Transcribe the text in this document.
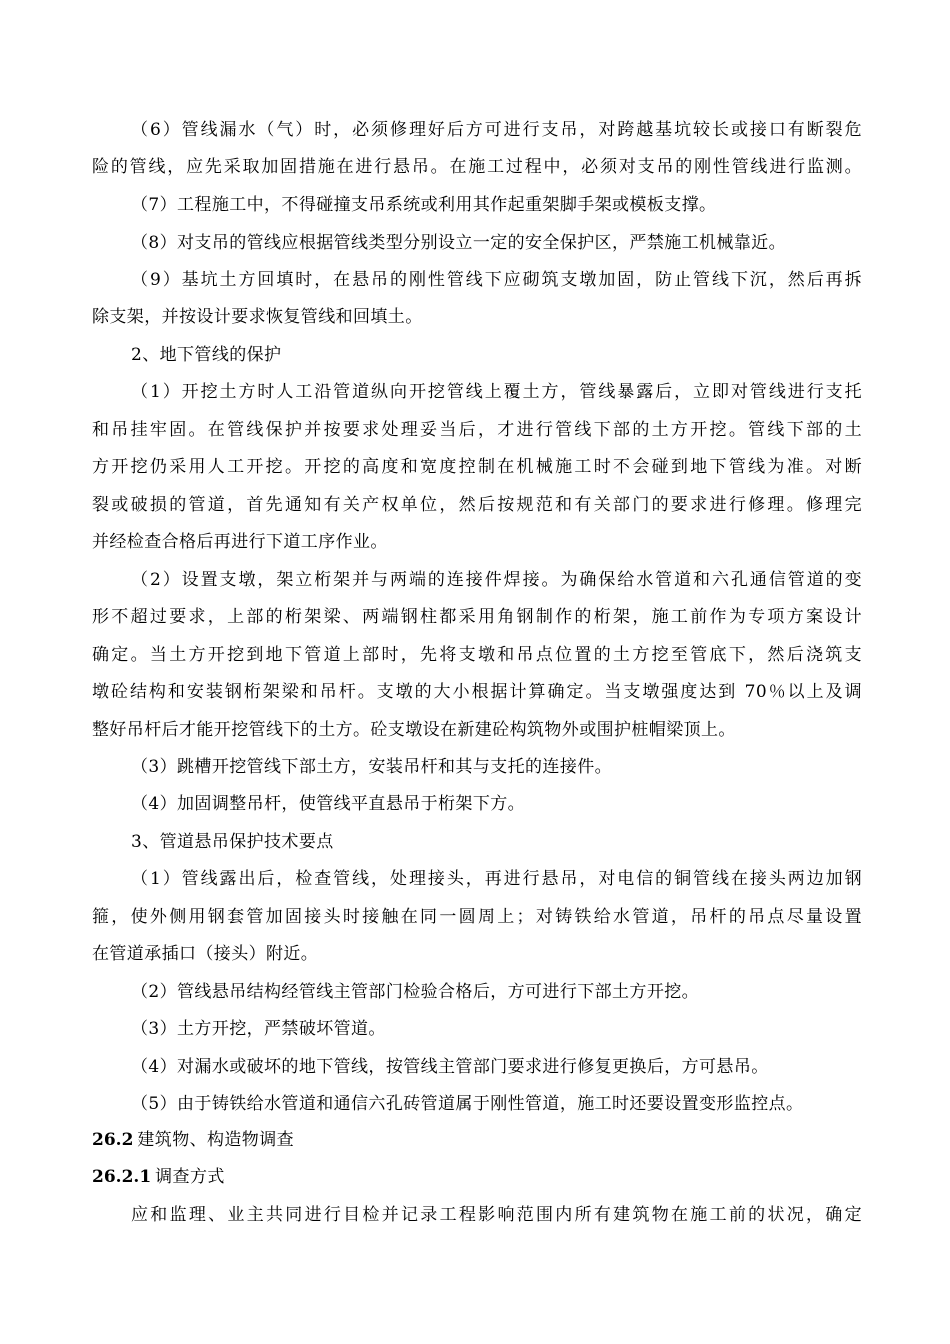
（6）管线漏水（气）时，必须修理好后方可进行支吊，对跨越基坑较长或接口有断裂危
险的管线，应先采取加固措施在进行悬吊。在施工过程中，必须对支吊的刚性管线进行监测。
（7）工程施工中，不得碰撞支吊系统或利用其作起重架脚手架或模板支撑。
（8）对支吊的管线应根据管线类型分别设立一定的安全保护区，严禁施工机械靠近。
（9）基坑土方回填时，在悬吊的刚性管线下应砌筑支墩加固，防止管线下沉，然后再拆
除支架，并按设计要求恢复管线和回填土。
2、地下管线的保护
（1）开挖土方时人工沿管道纵向开挖管线上覆土方，管线暴露后，立即对管线进行支托
和吊挂牢固。在管线保护并按要求处理妥当后，才进行管线下部的土方开挖。管线下部的土
方开挖仍采用人工开挖。开挖的高度和宽度控制在机械施工时不会碰到地下管线为准。对断
裂或破损的管道，首先通知有关产权单位，然后按规范和有关部门的要求进行修理。修理完
并经检查合格后再进行下道工序作业。
（2）设置支墩，架立桁架并与两端的连接件焊接。为确保给水管道和六孔通信管道的变
形不超过要求，上部的桁架梁、两端钢柱都采用角钢制作的桁架，施工前作为专项方案设计
确定。当土方开挖到地下管道上部时，先将支墩和吊点位置的土方挖至管底下，然后浇筑支
墩砼结构和安装钢桁架梁和吊杆。支墩的大小根据计算确定。当支墩强度达到 70％以上及调
整好吊杆后才能开挖管线下的土方。砼支墩设在新建砼构筑物外或围护桩帽梁顶上。
（3）跳槽开挖管线下部土方，安装吊杆和其与支托的连接件。
（4）加固调整吊杆，使管线平直悬吊于桁架下方。
3、管道悬吊保护技术要点
（1）管线露出后，检查管线，处理接头，再进行悬吊，对电信的铜管线在接头两边加钢
箍，使外侧用钢套管加固接头时接触在同一圆周上；对铸铁给水管道，吊杆的吊点尽量设置
在管道承插口（接头）附近。
（2）管线悬吊结构经管线主管部门检验合格后，方可进行下部土方开挖。
（3）土方开挖，严禁破坏管道。
（4）对漏水或破坏的地下管线，按管线主管部门要求进行修复更换后，方可悬吊。
（5）由于铸铁给水管道和通信六孔砖管道属于刚性管道，施工时还要设置变形监控点。
26.2 建筑物、构造物调查
26.2.1 调查方式
应和监理、业主共同进行目检并记录工程影响范围内所有建筑物在施工前的状况，确定
